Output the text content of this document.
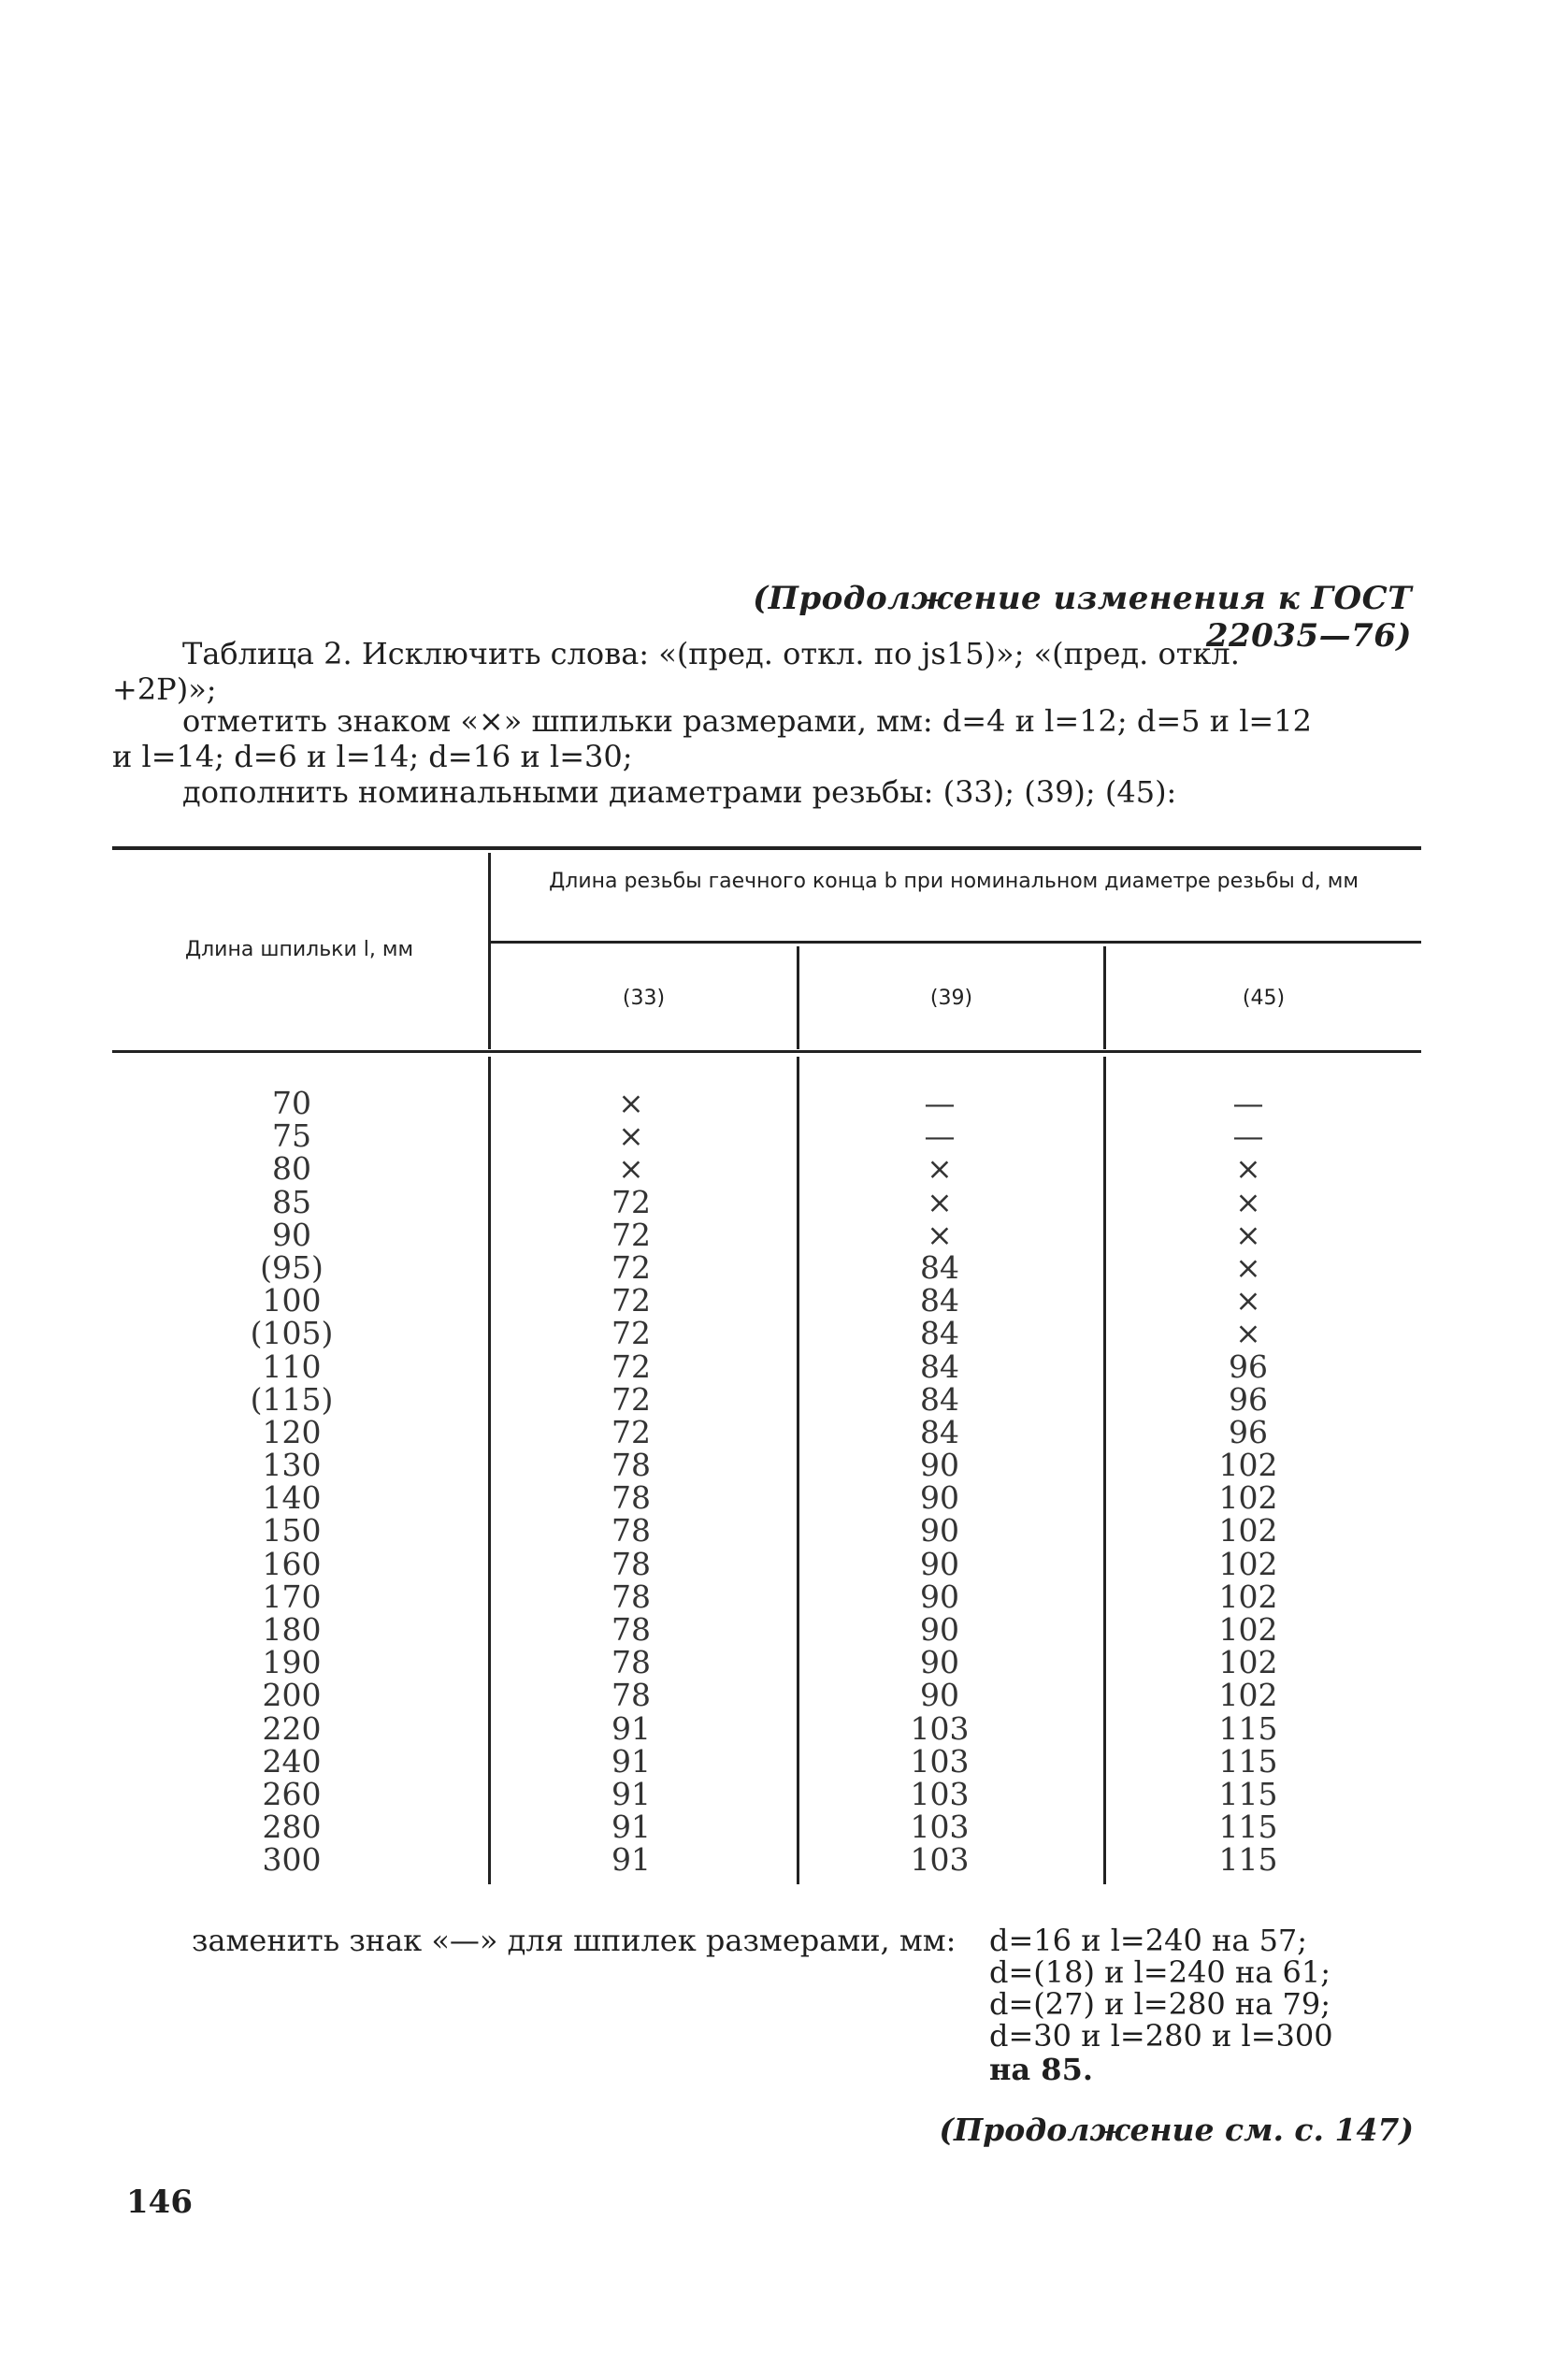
(Продолжение изменения к ГОСТ 22035—76)
Таблица 2. Исключить слова: «(пред. откл. по js15)»; «(пред. откл.
+2P)»;
отметить знаком «×» шпильки размерами, мм: d=4 и l=12; d=5 и l=12
и l=14; d=6 и l=14; d=16 и l=30;
дополнить номинальными диаметрами резьбы: (33); (39); (45):
Длина шпильки l, мм
Длина резьбы гаечного конца b при номинальном диаметре резьбы d, мм
(33)	(39)	(45)
70
75
80
85
90
(95)
100
(105)
110
(115)
120
130
140
150
160
170
180
190
200
220
240
260
280
300
×
×
×
72
72
72
72
72
72
72
72
78
78
78
78
78
78
78
78
91
91
91
91
91
—
—
×
×
×
84
84
84
84
84
84
90
90
90
90
90
90
90
90
103
103
103
103
103
—
—
×
×
×
×
×
×
96
96
96
102
102
102
102
102
102
102
102
115
115
115
115
115
заменить знак «—» для шпилек размерами, мм: d=16 и l=240 на 57;
d=(18) и l=240 на 61;
d=(27) и l=280 на 79;
d=30 и l=280 и l=300
на 85.
(Продолжение см. с. 147)
146
